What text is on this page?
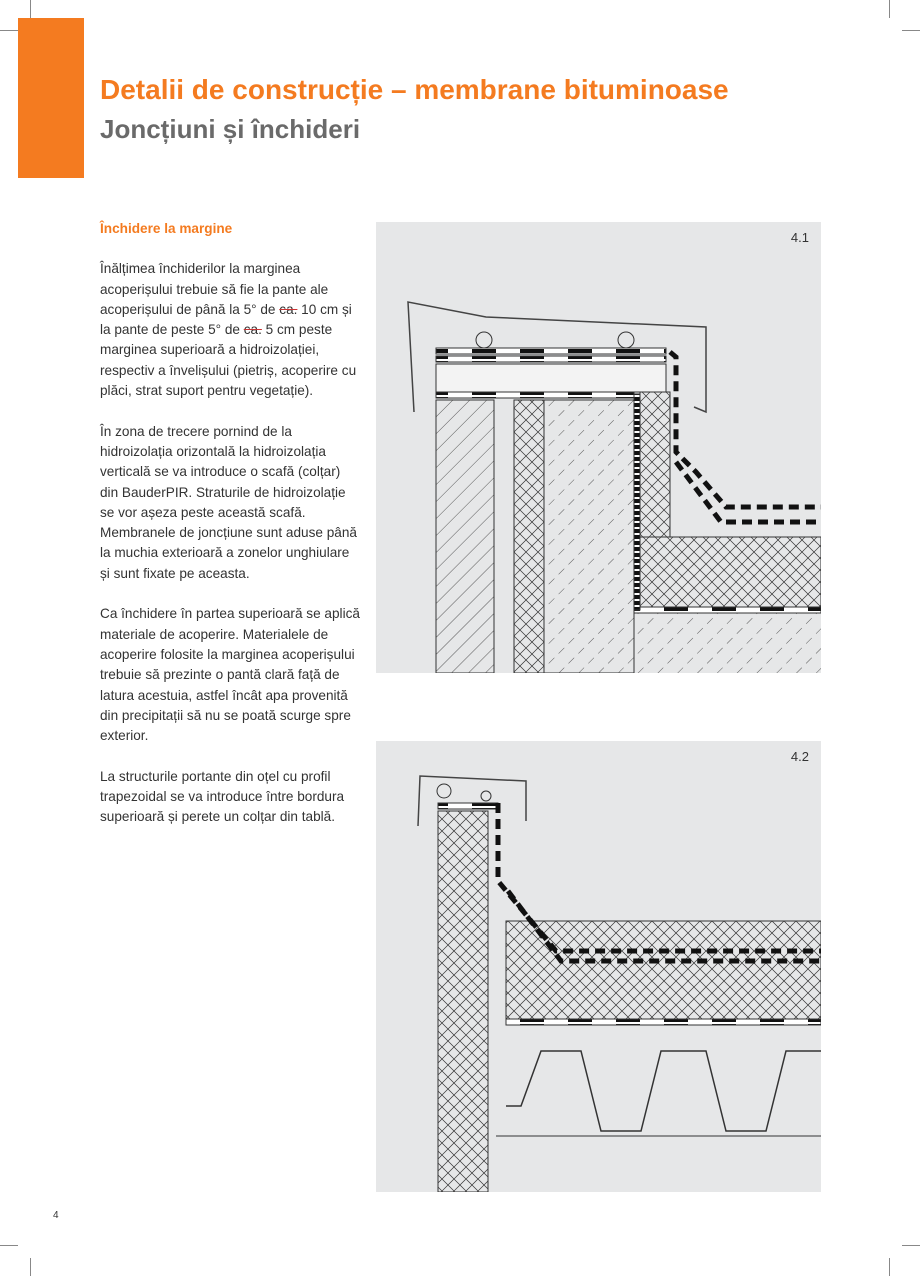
Detalii de construcție – membrane bituminoase
Joncțiuni și închideri
Închidere la margine

Înălțimea închiderilor la marginea acoperișului trebuie să fie la pante ale acoperișului de până la 5° de ca. 10 cm și la pante de peste 5° de ca. 5 cm peste marginea superioară a hidroizolației, respectiv a învelișului (pietriș, acoperire cu plăci, strat suport pentru vegetație).

În zona de trecere pornind de la hidroizolația orizontală la hidroizolația verticală se va introduce o scafă (colțar) din BauderPIR. Straturile de hidroizolație se vor așeza peste această scafă. Membranele de joncțiune sunt aduse până la muchia exterioară a zonelor unghiulare și sunt fixate pe aceasta.

Ca închidere în partea superioară se aplică materiale de acoperire. Materialele de acoperire folosite la marginea acoperișului trebuie să prezinte o pantă clară față de latura acestuia, astfel încât apa provenită din precipitații să nu se poată scurge spre exterior.

La structurile portante din oțel cu profil trapezoidal se va introduce între bordura superioară și perete un colțar din tablă.

4.1
4.2
4
